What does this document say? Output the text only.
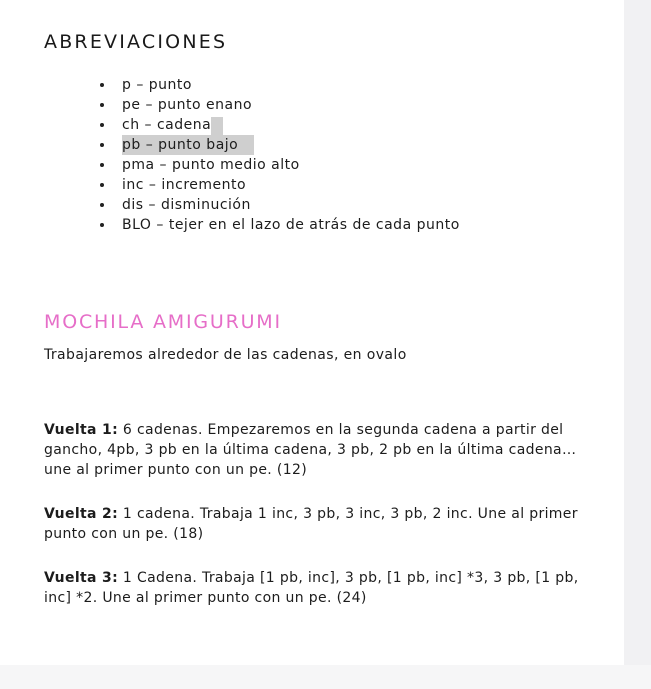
ABREVIACIONES
p – punto
pe – punto enano
ch – cadena
pb – punto bajo
pma – punto medio alto
inc – incremento
dis – disminución
BLO – tejer en el lazo de atrás de cada punto
MOCHILA AMIGURUMI

Trabajaremos alrededor de las cadenas, en ovalo

Vuelta 1: 6 cadenas. Empezaremos en la segunda cadena a partir del gancho, 4pb, 3 pb en la última cadena, 3 pb, 2 pb en la última cadena… une al primer punto con un pe. (12)

Vuelta 2: 1 cadena. Trabaja 1 inc, 3 pb, 3 inc, 3 pb, 2 inc. Une al primer punto con un pe. (18)

Vuelta 3: 1 Cadena. Trabaja [1 pb, inc], 3 pb, [1 pb, inc] *3, 3 pb, [1 pb, inc] *2. Une al primer punto con un pe. (24)
